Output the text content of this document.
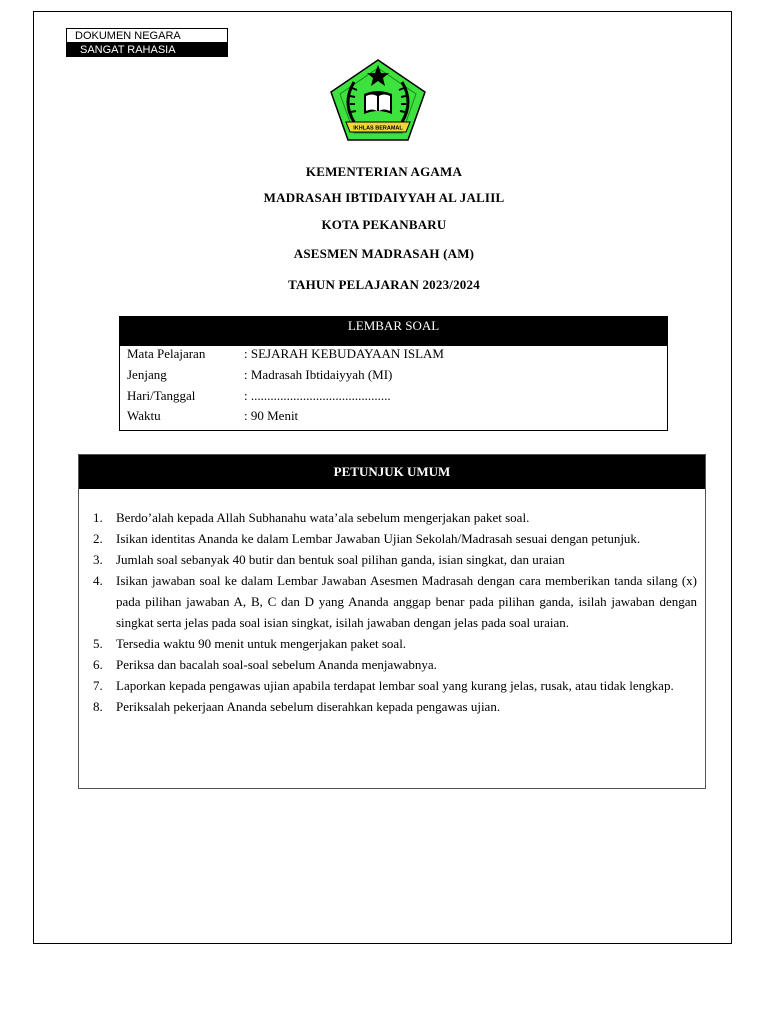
DOKUMEN NEGARA
SANGAT RAHASIA
IKHLAS BERAMAL
KEMENTERIAN AGAMA
MADRASAH IBTIDAIYYAH AL JALIIL
KOTA PEKANBARU
ASESMEN MADRASAH (AM)
TAHUN PELAJARAN 2023/2024
LEMBAR SOAL
Mata Pelajaran	: SEJARAH KEBUDAYAAN ISLAM
Jenjang	: Madrasah Ibtidaiyyah (MI)
Hari/Tanggal	: ...........................................
Waktu	: 90 Menit
PETUNJUK UMUM
1. Berdo’alah kepada Allah Subhanahu wata’ala sebelum mengerjakan paket soal.
2. Isikan identitas Ananda ke dalam Lembar Jawaban Ujian Sekolah/Madrasah sesuai dengan petunjuk.
3. Jumlah soal sebanyak 40 butir dan bentuk soal pilihan ganda, isian singkat, dan uraian
4. Isikan jawaban soal ke dalam Lembar Jawaban Asesmen Madrasah dengan cara memberikan tanda silang (x) pada pilihan jawaban A, B, C dan D yang Ananda anggap benar pada pilihan ganda, isilah jawaban dengan singkat serta jelas pada soal isian singkat, isilah jawaban dengan jelas pada soal uraian.
5. Tersedia waktu 90 menit untuk mengerjakan paket soal.
6. Periksa dan bacalah soal-soal sebelum Ananda menjawabnya.
7. Laporkan kepada pengawas ujian apabila terdapat lembar soal yang kurang jelas, rusak, atau tidak lengkap.
8. Periksalah pekerjaan Ananda sebelum diserahkan kepada pengawas ujian.
